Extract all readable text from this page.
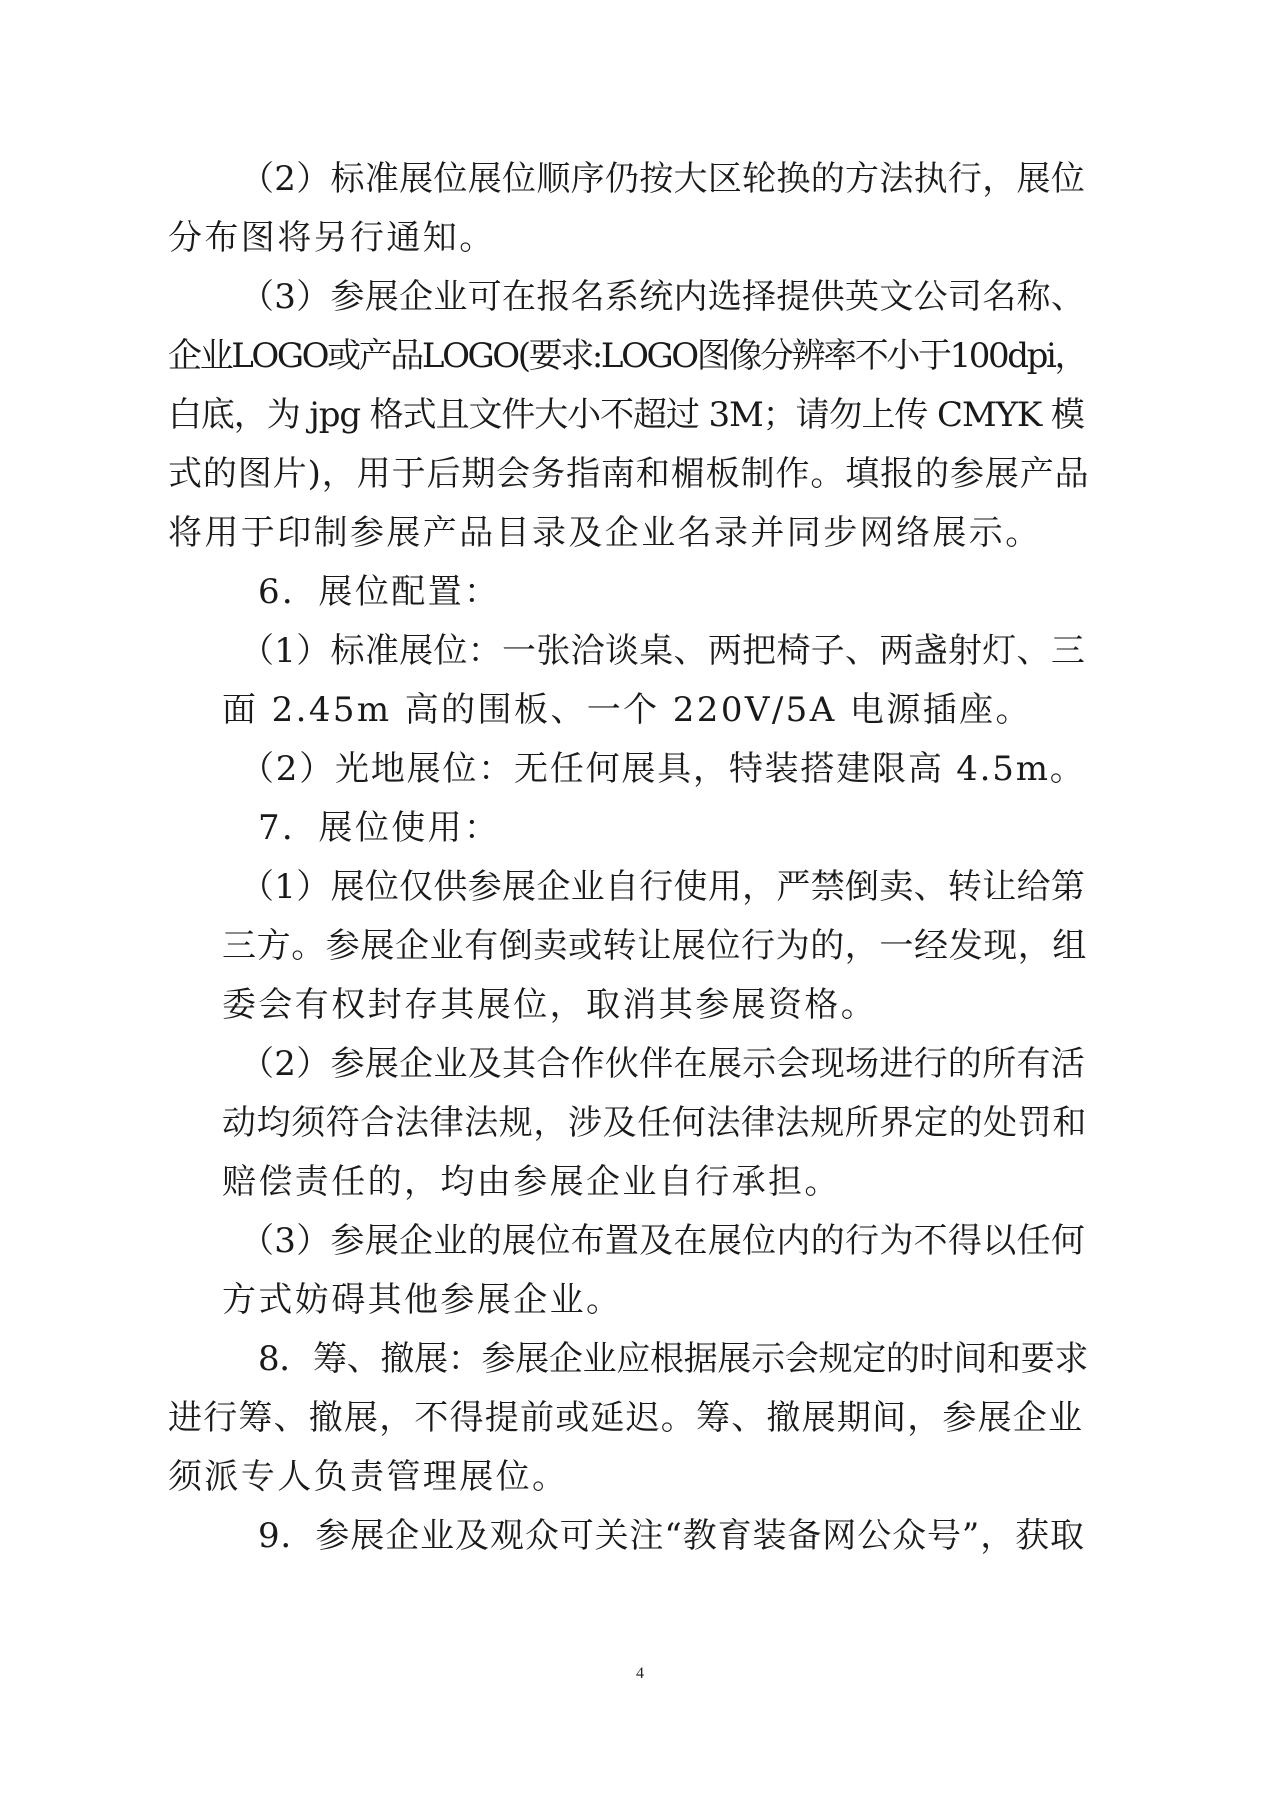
（2）标准展位展位顺序仍按大区轮换的方法执行，展位
分布图将另行通知。
（3）参展企业可在报名系统内选择提供英文公司名称、
企业LOGO或产品LOGO(要求:LOGO图像分辨率不小于100dpi，
白底，为 jpg 格式且文件大小不超过 3M；请勿上传 CMYK 模
式的图片)，用于后期会务指南和楣板制作。填报的参展产品
将用于印制参展产品目录及企业名录并同步网络展示。
6．展位配置：
（1）标准展位：一张洽谈桌、两把椅子、两盏射灯、三
面 2.45m 高的围板、一个 220V/5A 电源插座。
（2）光地展位：无任何展具，特装搭建限高 4.5m。
7．展位使用：
（1）展位仅供参展企业自行使用，严禁倒卖、转让给第
三方。参展企业有倒卖或转让展位行为的，一经发现，组
委会有权封存其展位，取消其参展资格。
（2）参展企业及其合作伙伴在展示会现场进行的所有活
动均须符合法律法规，涉及任何法律法规所界定的处罚和
赔偿责任的，均由参展企业自行承担。
（3）参展企业的展位布置及在展位内的行为不得以任何
方式妨碍其他参展企业。
8．筹、撤展：参展企业应根据展示会规定的时间和要求
进行筹、撤展，不得提前或延迟。筹、撤展期间，参展企业
须派专人负责管理展位。
9．参展企业及观众可关注“教育装备网公众号”，获取
4
